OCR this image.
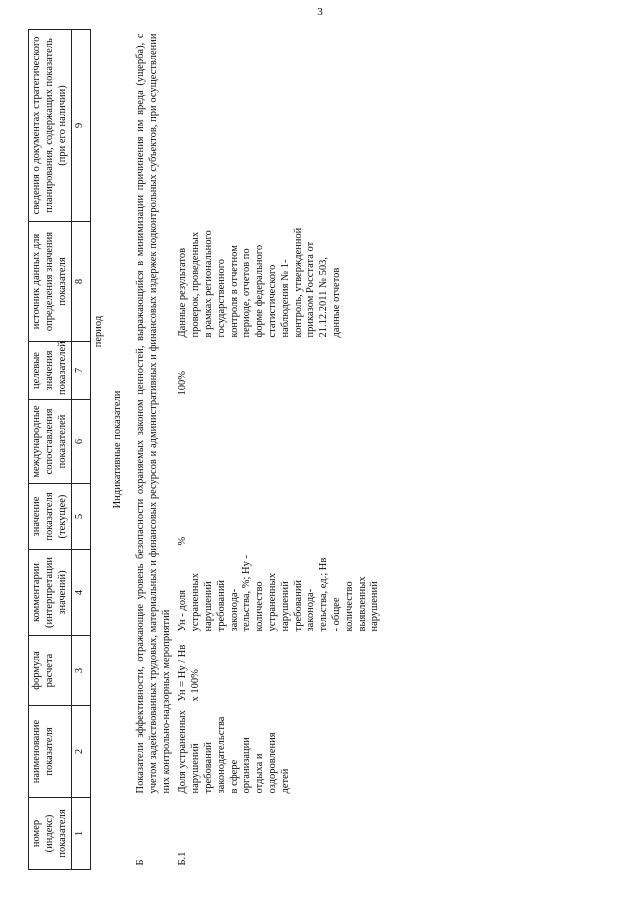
3
номер (индекс) показателя	наименование показателя	формула расчета	комментарии (интерпретации значений)	значение показателя (текущее)	международные сопоставления показателей	целевые значения показателей	источник данных для определения значения показателя	сведения о документах стратегического планирования, содержащих показатель (при его наличии)
1	2	3	4	5	6	7	8	9
период								
Индикативные показатели								
Б	Показатели эффективности, отражающие уровень безопасности охраняемых законом ценностей, выражающийся в минимизации причинения им вреда (ущерба), с учетом задействованных трудовых, материальных и финансовых ресурсов и административных и финансовых издержек подконтрольных субъектов, при осуществлении них контрольно-надзорных мероприятий							
Б.1	Доля устраненных нарушений требований законодательства в сфере организации отдыха и оздоровления детей	Ун = Ну / Нв х 100%	Ун - доля устраненных нарушений требований законода-тельства, %; Ну - количество устраненных нарушений требований законода-тельства, ед.; Нв - общее количество выявленных нарушений	%		100%	Данные результатов проверок, проведенных в рамках регионального государственного контроля в отчетном периоде, отчетов по форме федерального статистического наблюдения № 1-контроль, утвержденной приказом Росстата от 21.12.2011 № 503, данные отчетов	
